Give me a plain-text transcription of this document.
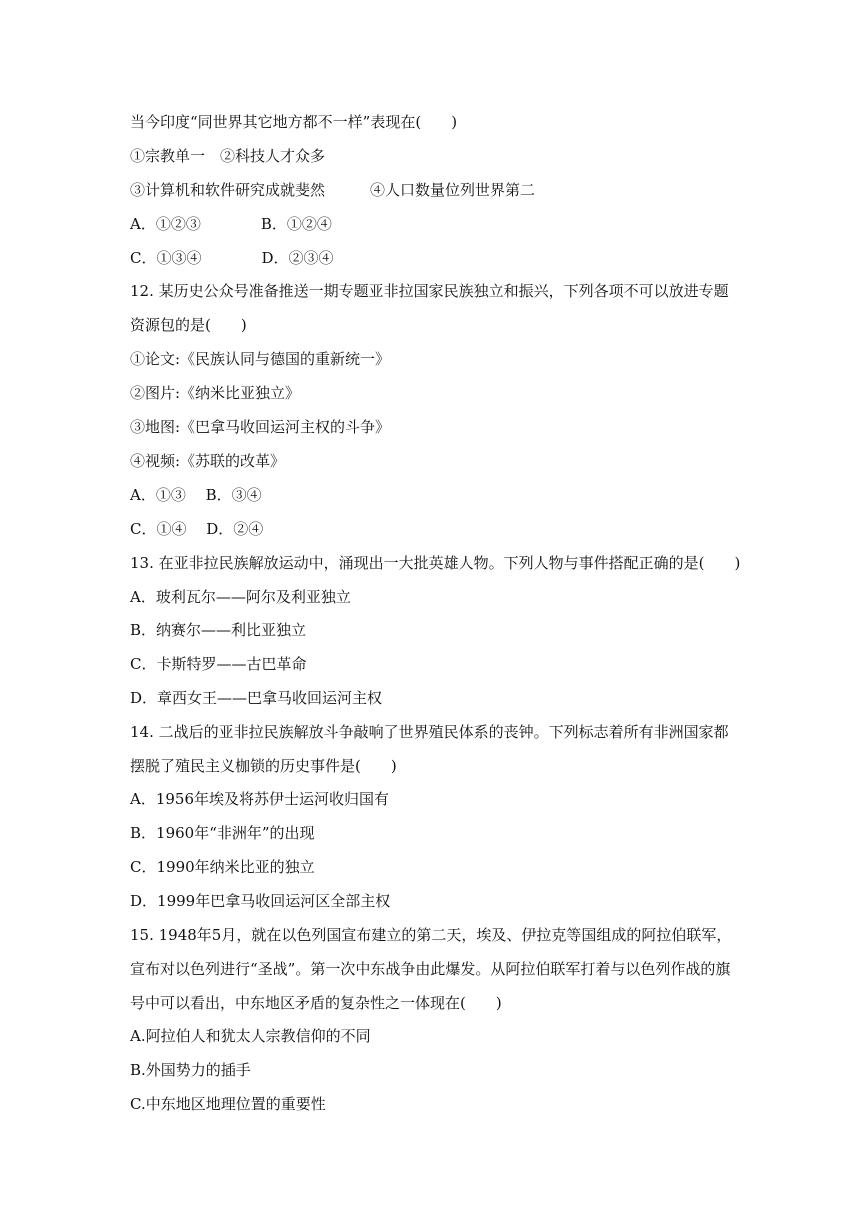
当今印度“同世界其它地方都不一样”表现在(　　)
①宗教单一　②科技人才众多
③计算机和软件研究成就斐然　　　④人口数量位列世界第二
A．①②③　　　　B．①②④
C．①③④　　　　D．②③④
12. 某历史公众号准备推送一期专题亚非拉国家民族独立和振兴，下列各项不可以放进专题
资源包的是(　　)
①论文:《民族认同与德国的重新统一》
②图片:《纳米比亚独立》
③地图:《巴拿马收回运河主权的斗争》
④视频:《苏联的改革》
A．①③　 B．③④
C．①④　 D．②④
13. 在亚非拉民族解放运动中，涌现出一大批英雄人物。下列人物与事件搭配正确的是(　　)
A．玻利瓦尔——阿尔及利亚独立
B．纳赛尔——利比亚独立
C．卡斯特罗——古巴革命
D．章西女王——巴拿马收回运河主权
14. 二战后的亚非拉民族解放斗争敲响了世界殖民体系的丧钟。下列标志着所有非洲国家都
摆脱了殖民主义枷锁的历史事件是(　　)
A．1956年埃及将苏伊士运河收归国有
B．1960年“非洲年”的出现
C．1990年纳米比亚的独立
D．1999年巴拿马收回运河区全部主权
15. 1948年5月，就在以色列国宣布建立的第二天，埃及、伊拉克等国组成的阿拉伯联军，
宣布对以色列进行“圣战”。第一次中东战争由此爆发。从阿拉伯联军打着与以色列作战的旗
号中可以看出，中东地区矛盾的复杂性之一体现在(　　)
A.阿拉伯人和犹太人宗教信仰的不同
B.外国势力的插手
C.中东地区地理位置的重要性
